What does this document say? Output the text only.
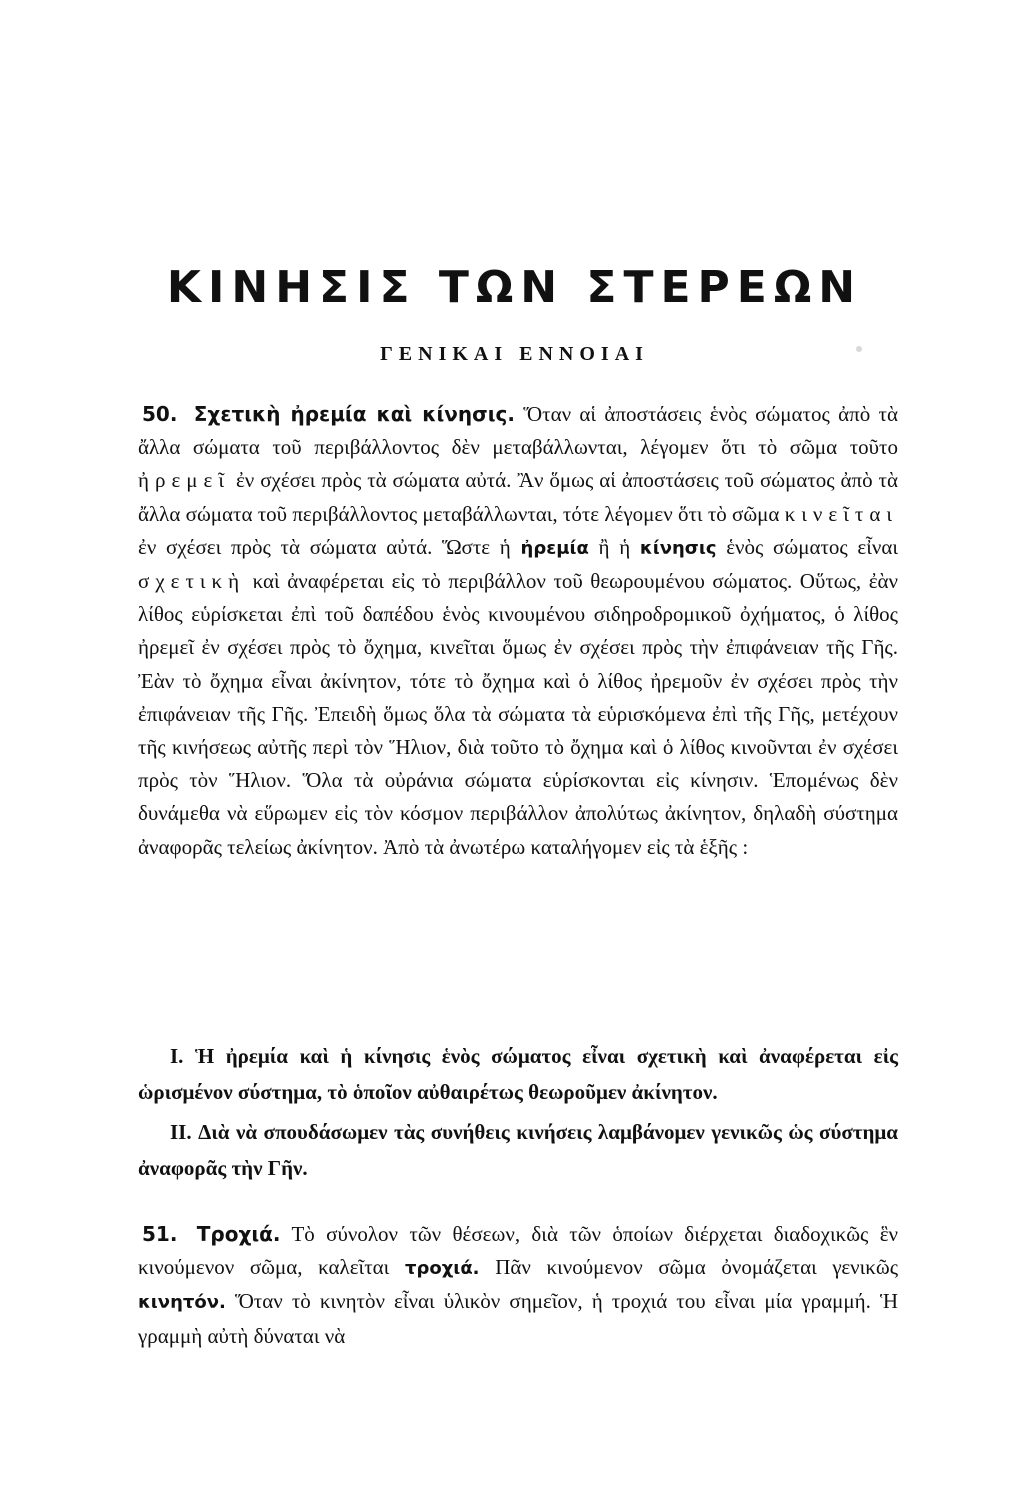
ΚΙΝΗΣΙΣ ΤΩΝ ΣΤΕΡΕΩΝ
ΓΕΝΙΚΑΙ ΕΝΝΟΙΑΙ

50. Σχετικὴ ἠρεμία καὶ κίνησις. Ὅταν αἱ ἀποστάσεις ἑνὸς σώματος ἀπὸ τὰ ἄλλα σώματα τοῦ περιβάλλοντος δὲν μεταβάλλωνται, λέγομεν ὅτι τὸ σῶμα τοῦτο ἠρεμεῖ ἐν σχέσει πρὸς τὰ σώματα αὐτά. Ἂν ὅμως αἱ ἀποστάσεις τοῦ σώματος ἀπὸ τὰ ἄλλα σώματα τοῦ περιβάλλοντος μεταβάλλωνται, τότε λέγομεν ὅτι τὸ σῶμα κινεῖται ἐν σχέσει πρὸς τὰ σώματα αὐτά. Ὥστε ἡ ἠρεμία ἢ ἡ κίνησις ἑνὸς σώματος εἶναι σχετικὴ καὶ ἀναφέρεται εἰς τὸ περιβάλλον τοῦ θεωρουμένου σώματος. Οὕτως, ἐὰν λίθος εὑρίσκεται ἐπὶ τοῦ δαπέδου ἑνὸς κινουμένου σιδηροδρομικοῦ ὀχήματος, ὁ λίθος ἠρεμεῖ ἐν σχέσει πρὸς τὸ ὄχημα, κινεῖται ὅμως ἐν σχέσει πρὸς τὴν ἐπιφάνειαν τῆς Γῆς. Ἐὰν τὸ ὄχημα εἶναι ἀκίνητον, τότε τὸ ὄχημα καὶ ὁ λίθος ἠρεμοῦν ἐν σχέσει πρὸς τὴν ἐπιφάνειαν τῆς Γῆς. Ἐπειδὴ ὅμως ὅλα τὰ σώματα τὰ εὑρισκόμενα ἐπὶ τῆς Γῆς, μετέχουν τῆς κινήσεως αὐτῆς περὶ τὸν Ἥλιον, διὰ τοῦτο τὸ ὄχημα καὶ ὁ λίθος κινοῦνται ἐν σχέσει πρὸς τὸν Ἥλιον. Ὅλα τὰ οὐράνια σώματα εὑρίσκονται εἰς κίνησιν. Ἑπομένως δὲν δυνάμεθα νὰ εὕρωμεν εἰς τὸν κόσμον περιβάλλον ἀπολύτως ἀκίνητον, δηλαδὴ σύστημα ἀναφορᾶς τελείως ἀκίνητον. Ἀπὸ τὰ ἀνωτέρω καταλήγομεν εἰς τὰ ἑξῆς :

I. Ἡ ἠρεμία καὶ ἡ κίνησις ἑνὸς σώματος εἶναι σχετικὴ καὶ ἀναφέρεται εἰς ὡρισμένον σύστημα, τὸ ὁποῖον αὐθαιρέτως θεωροῦμεν ἀκίνητον.

II. Διὰ νὰ σπουδάσωμεν τὰς συνήθεις κινήσεις λαμβάνομεν γενικῶς ὡς σύστημα ἀναφορᾶς τὴν Γῆν.

51. Τροχιά. Τὸ σύνολον τῶν θέσεων, διὰ τῶν ὁποίων διέρχεται διαδοχικῶς ἓν κινούμενον σῶμα, καλεῖται τροχιά. Πᾶν κινούμενον σῶμα ὀνομάζεται γενικῶς κινητόν. Ὅταν τὸ κινητὸν εἶναι ὑλικὸν σημεῖον, ἡ τροχιά του εἶναι μία γραμμή. Ἡ γραμμὴ αὐτὴ δύναται νὰ
